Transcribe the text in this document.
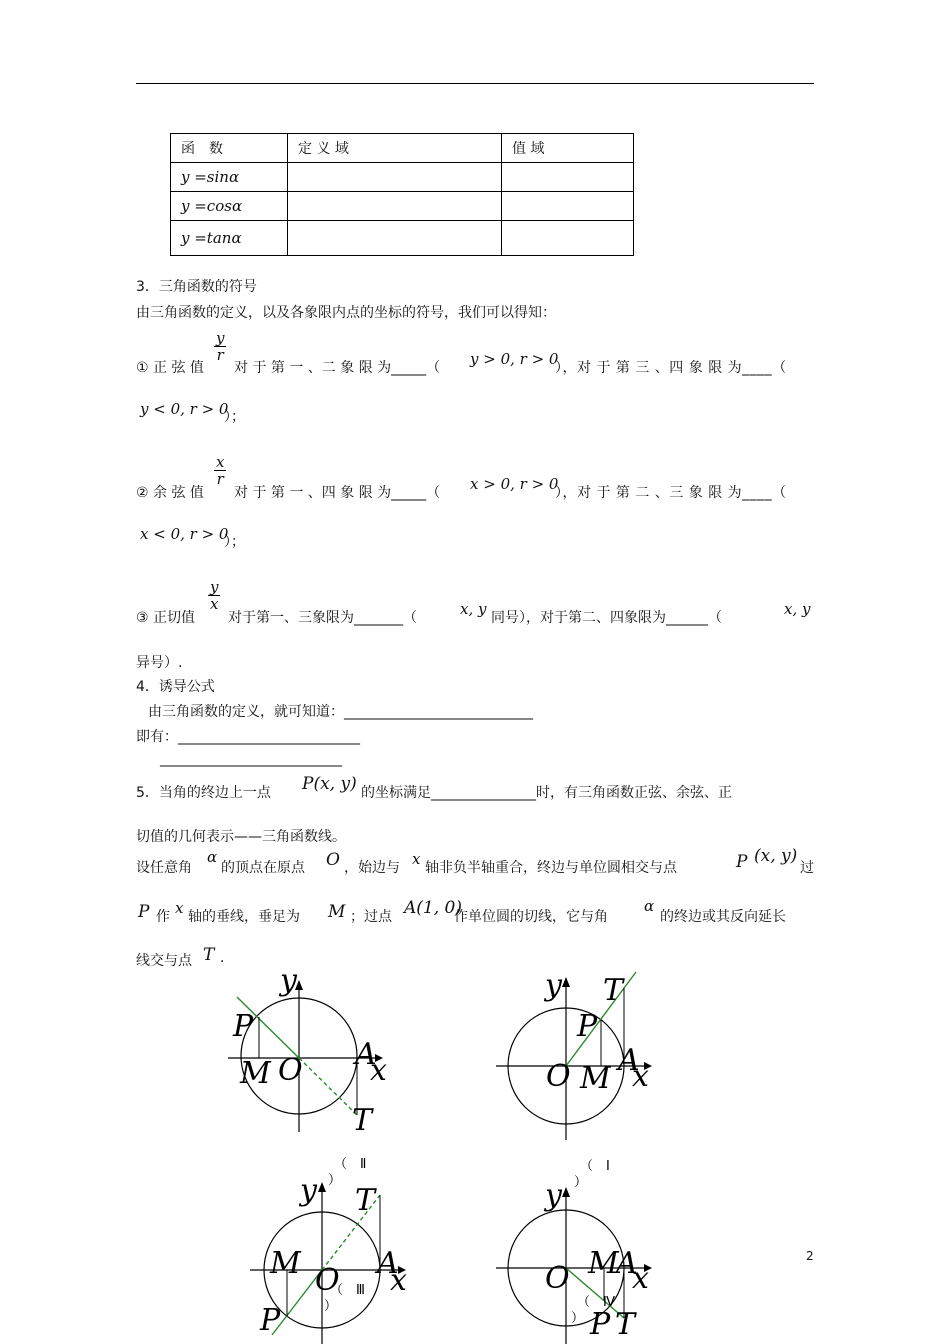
函　数	定 义 域	值 域
y =sinα		
y =cosα		
y =tanα		
3．三角函数的符号
由三角函数的定义，以及各象限内点的坐标的符号，我们可以得知：
$\frac{y}{r}$
① 正 弦 值 对 于 第 一 、二 象 限 为_____（ y > 0, r > 0
），对 于 第 三 、四 象 限 为____（
y < 0, r > 0
）；
$\frac{x}{r}$
② 余 弦 值 对 于 第 一 、四 象 限 为_____（ x > 0, r > 0
），对 于 第 二 、三 象 限 为____（
x < 0, r > 0
）；
$\frac{y}{x}$
③ 正切值 对于第一、三象限为_______（	x, y 同号），对于第二、四象限为______（	x, y
异号）.
4．诱导公式
由三角函数的定义，就可知道：___________________________
即有：__________________________
__________________________
5．当角的终边上一点 P(x, y) 的坐标满足_______________时，有三角函数正弦、余弦、正
切值的几何表示——三角函数线。
设任意角
α
的顶点在原点 O ，始边与 x 轴非负半轴重合，终边与单位圆相交与点	P (x, y)
过
P 作 x 轴的垂线，垂足为 M ；过点 A(1, 0)
作单位圆的切线，它与角
α
的终边或其反向延长
线交与点 T .
y
P
M O A
x
T
（　Ⅱ
）
y T
P
O M
A
x
（　Ⅰ
）
y T
M O A
x
P
（　Ⅲ
）
y
O M
A
x
P T
（　Ⅳ
）
2
